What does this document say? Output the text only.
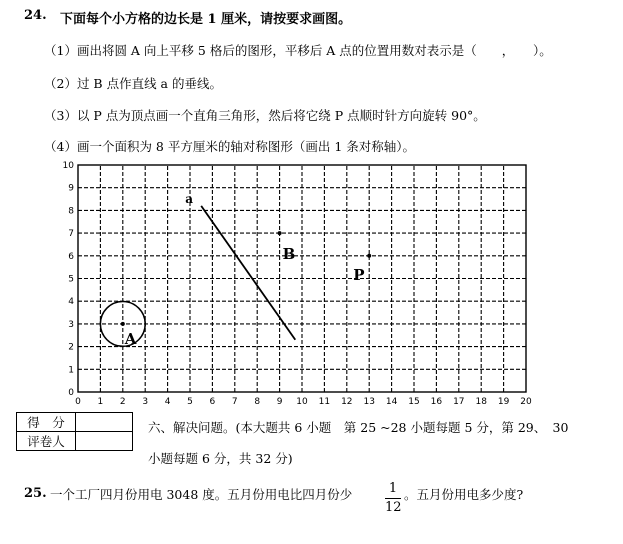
24. 下面每个小方格的边长是 1 厘米，请按要求画图。
（1）画出将圆 A 向上平移 5 格后的图形，平移后 A 点的位置用数对表示是（　　，　　）。
（2）过 B 点作直线 a 的垂线。
（3）以 P 点为顶点画一个直角三角形，然后将它绕 P 点顺时针方向旋转 90°。
（4）画一个面积为 8 平方厘米的轴对称图形（画出 1 条对称轴）。
0 1 2 3 4 5 6 7 8 9 10 11 12 13 14 15 16 17 18 19 20
0
1
2
3
4
5
6
7
8
9
10
a
A
B
P
得　分	
评卷人	
六、解决问题。(本大题共 6 小题　第 25 ~28 小题每题 5 分，第 29、　30
小题每题 6 分，共 32 分)
25. 一个工厂四月份用电 3048 度。五月份用电比四月份少	1
12
。五月份用电多少度?
